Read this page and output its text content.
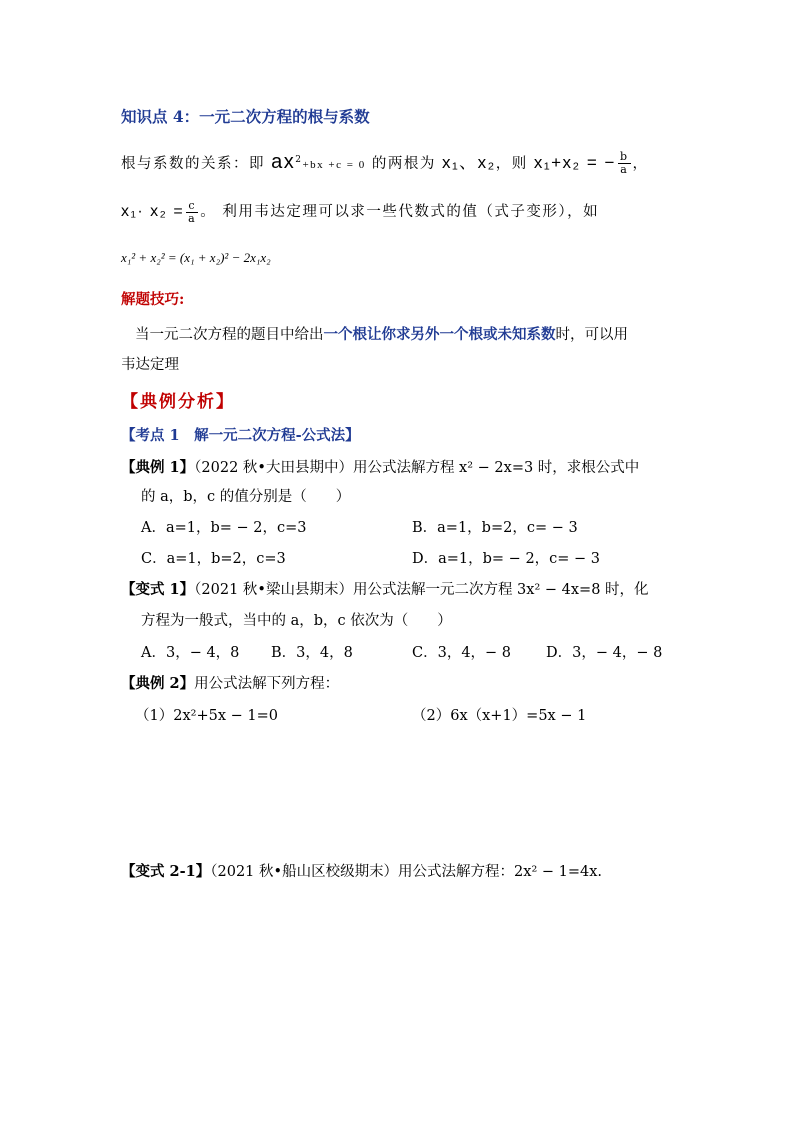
知识点 4：一元二次方程的根与系数
根与系数的关系：即 $ax^2+bx +c = 0$ 的两根为 x₁、x₂，则 x₁+x₂ = − $\frac{b}{a}$ ，
$x_1\cdot x_2 = \frac{c}{a}$ 。 利用韦达定理可以求一些代数式的值（式子变形），如
x₁² + x₂² = (x₁ + x₂)² − 2x₁x₂
解题技巧:
当一元二次方程的题目中给出一个根让你求另外一个根或未知系数时，可以用
韦达定理
【典例分析】
【考点 1　解一元二次方程-公式法】
【典例 1】（2022 秋•大田县期中）用公式法解方程 x² − 2x=3 时，求根公式中
的 a，b，c 的值分别是（　　）
A．a=1，b= − 2，c=3	B．a=1，b=2，c= − 3
C．a=1，b=2，c=3	D．a=1，b= − 2，c= − 3
【变式 1】（2021 秋•梁山县期末）用公式法解一元二次方程 3x² − 4x=8 时，化
方程为一般式，当中的 a，b，c 依次为（　　）
A．3，− 4，8 B．3，4，8	C．3，4，− 8 D．3，− 4，− 8
【典例 2】用公式法解下列方程：
（1）2x²+5x − 1=0	（2）6x（x+1）=5x − 1
【变式 2-1】（2021 秋•船山区校级期末）用公式法解方程：2x² − 1=4x.
